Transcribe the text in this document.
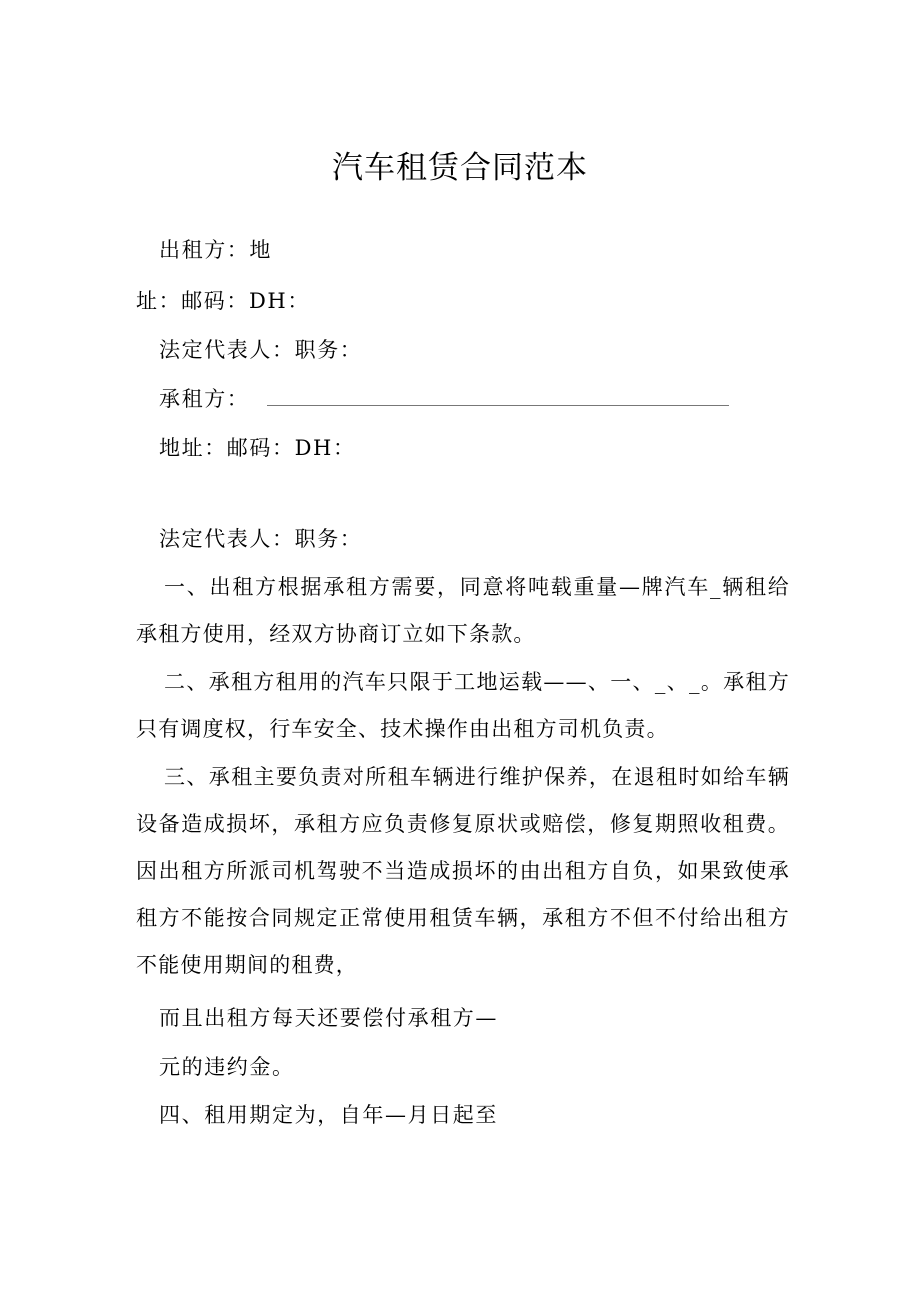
汽车租赁合同范本
出租方：地
址：邮码：DH：
法定代表人：职务：
承租方：
地址：邮码：DH：
法定代表人：职务：
一、出租方根据承租方需要，同意将吨载重量—牌汽车_辆租给承租方使用，经双方协商订立如下条款。
二、承租方租用的汽车只限于工地运载——、一、_、_。承租方只有调度权，行车安全、技术操作由出租方司机负责。
三、承租主要负责对所租车辆进行维护保养，在退租时如给车辆设备造成损坏，承租方应负责修复原状或赔偿，修复期照收租费。因出租方所派司机驾驶不当造成损坏的由出租方自负，如果致使承租方不能按合同规定正常使用租赁车辆，承租方不但不付给出租方不能使用期间的租费，
而且出租方每天还要偿付承租方—
元的违约金。
四、租用期定为，自年—月日起至
